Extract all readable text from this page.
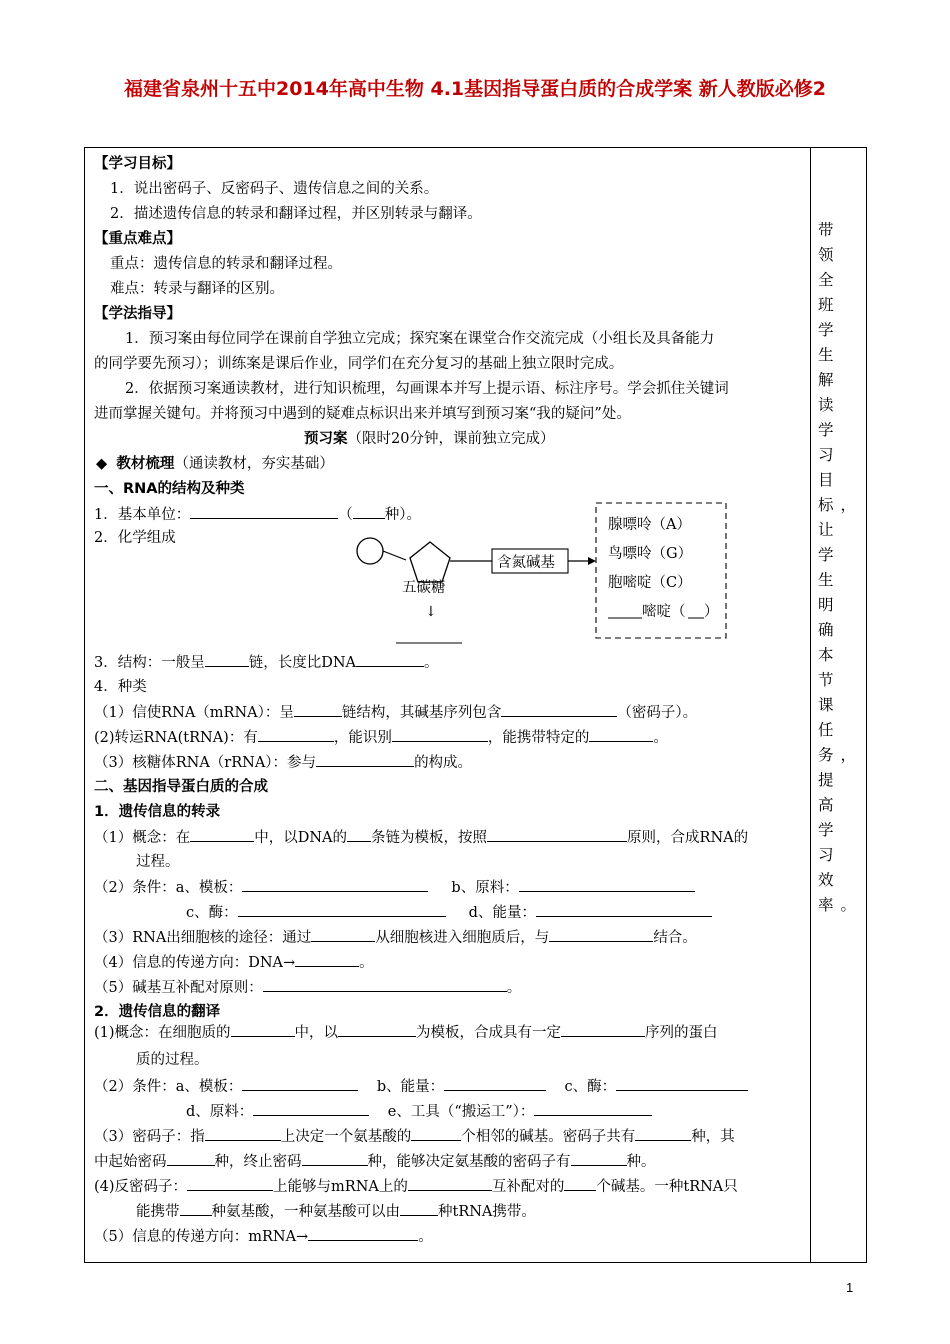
福建省泉州十五中2014年高中生物 4.1基因指导蛋白质的合成学案 新人教版必修2
带领全班学生解读学习目标，让学生明确本节课任务，提高学习效率。
【学习目标】
1．说出密码子、反密码子、遗传信息之间的关系。
2．描述遗传信息的转录和翻译过程，并区别转录与翻译。
【重点难点】
重点：遗传信息的转录和翻译过程。
难点：转录与翻译的区别。
【学法指导】
1．预习案由每位同学在课前自学独立完成；探究案在课堂合作交流完成（小组长及具备能力
的同学要先预习）；训练案是课后作业，同学们在充分复习的基础上独立限时完成。
2．依据预习案通读教材，进行知识梳理，勾画课本并写上提示语、标注序号。学会抓住关键词
进而掌握关键句。并将预习中遇到的疑难点标识出来并填写到预习案“我的疑问”处。
预习案（限时20分钟，课前独立完成）
◆ 教材梳理（通读教材，夯实基础）
一、RNA的结构及种类
1．基本单位：	（ 种）。
2．化学组成
含氮碱基
腺嘌呤（A）
鸟嘌呤（G）
胞嘧啶（C）
嘧啶（ ）
五碳糖
↓
3．结构：一般呈	链，长度比DNA	。
4．种类
（1）信使RNA（mRNA）：呈	链结构，其碱基序列包含	（密码子）。
(2)转运RNA(tRNA)：有	，能识别	，能携带特定的	。
（3）核糖体RNA（rRNA）：参与	的构成。
二、基因指导蛋白质的合成
1．遗传信息的转录
（1）概念：在	中，以DNA的 条链为模板，按照	原则，合成RNA的
过程。
（2）条件：a、模板：	b、原料：
c、酶：	d、能量：
（3）RNA出细胞核的途径：通过	从细胞核进入细胞质后，与	结合。
（4）信息的传递方向：DNA→	。
（5）碱基互补配对原则：	。
2．遗传信息的翻译
(1)概念：在细胞质的	中，以	为模板，合成具有一定	序列的蛋白
质的过程。
（2）条件：a、模板：	b、能量：	c、酶：
d、原料：	e、工具（“搬运工”）：
（3）密码子：指	上决定一个氨基酸的	个相邻的碱基。密码子共有	种，其
中起始密码	种，终止密码	种，能够决定氨基酸的密码子有	种。
(4)反密码子：	上能够与mRNA上的	互补配对的 个碱基。一种tRNA只
能携带 种氨基酸，一种氨基酸可以由	种tRNA携带。
（5）信息的传递方向：mRNA→	。
1
